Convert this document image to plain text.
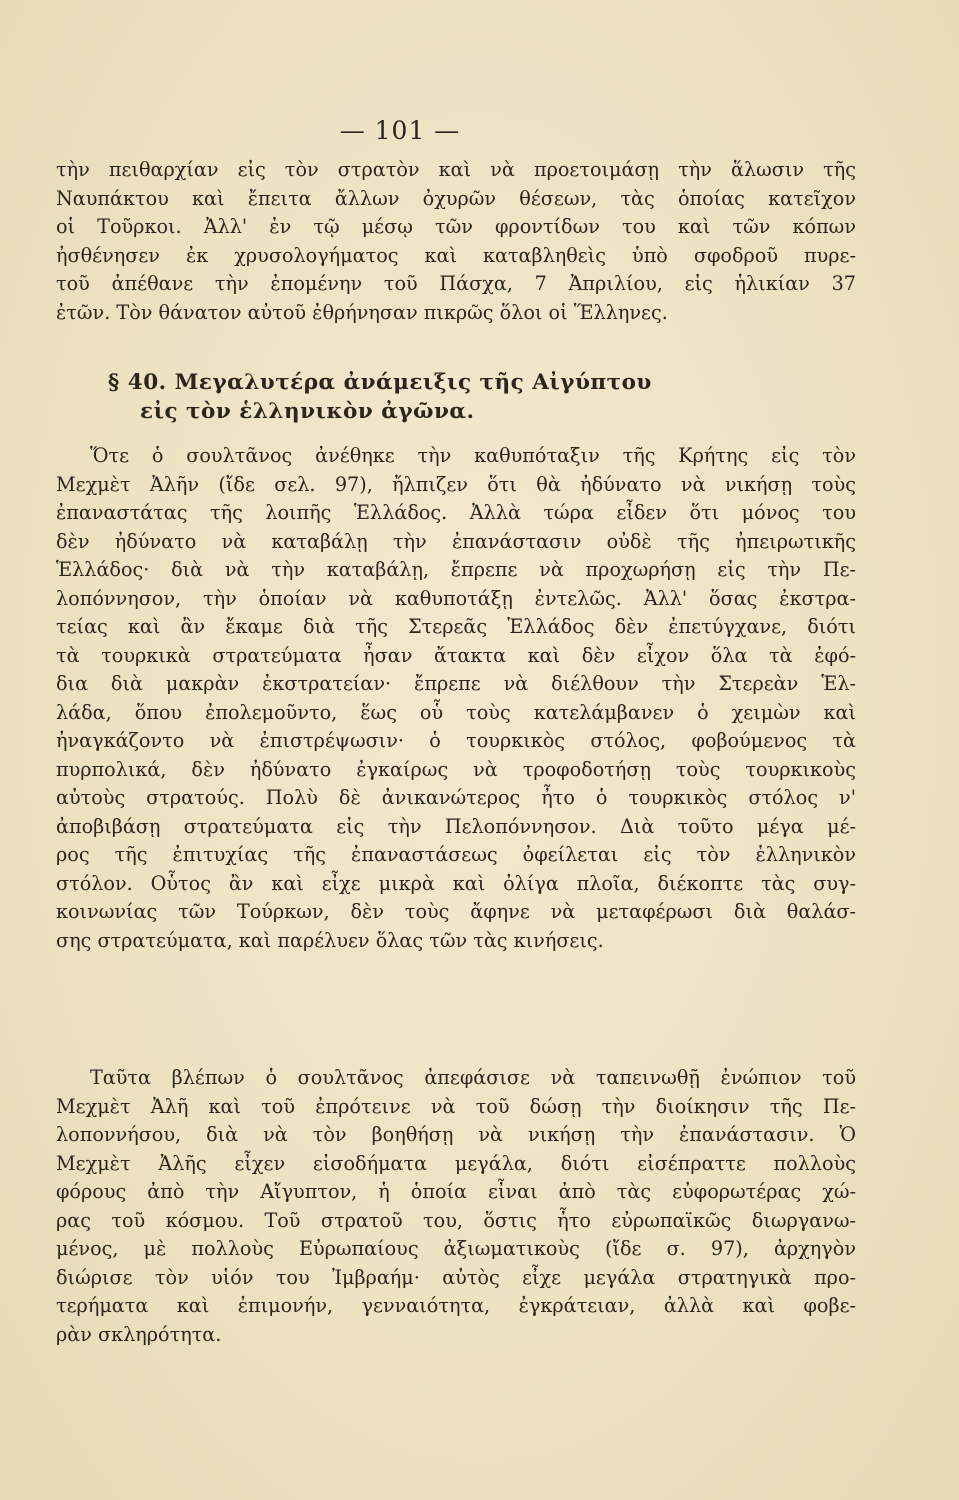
— 101 —
τὴν πειθαρχίαν εἰς τὸν στρατὸν καὶ νὰ προετοιμάσῃ τὴν ἅλωσιν τῆς
Ναυπάκτου καὶ ἔπειτα ἄλλων ὀχυρῶν θέσεων, τὰς ὁποίας κατεῖχον
οἱ Τοῦρκοι. Ἀλλ' ἐν τῷ μέσῳ τῶν φροντίδων του καὶ τῶν κόπων
ἠσθένησεν ἐκ χρυσολογήματος καὶ καταβληθεὶς ὑπὸ σφοδροῦ πυρε-
τοῦ ἀπέθανε τὴν ἐπομένην τοῦ Πάσχα, 7 Ἀπριλίου, εἰς ἡλικίαν 37
ἐτῶν. Τὸν θάνατον αὐτοῦ ἐθρήνησαν πικρῶς ὅλοι οἱ Ἕλληνες.
§ 40. Μεγαλυτέρα ἀνάμειξις τῆς Αἰγύπτου
εἰς τὸν ἑλληνικὸν ἀγῶνα.
Ὅτε ὁ σουλτᾶνος ἀνέθηκε τὴν καθυπόταξιν τῆς Κρήτης εἰς τὸν
Μεχμὲτ Ἀλῆν (ἴδε σελ. 97), ἤλπιζεν ὅτι θὰ ἠδύνατο νὰ νικήσῃ τοὺς
ἐπαναστάτας τῆς λοιπῆς Ἑλλάδος. Ἀλλὰ τώρα εἶδεν ὅτι μόνος του
δὲν ἠδύνατο νὰ καταβάλῃ τὴν ἐπανάστασιν οὐδὲ τῆς ἠπειρωτικῆς
Ἑλλάδος· διὰ νὰ τὴν καταβάλῃ, ἔπρεπε νὰ προχωρήσῃ εἰς τὴν Πε-
λοπόννησον, τὴν ὁποίαν νὰ καθυποτάξῃ ἐντελῶς. Ἀλλ' ὅσας ἐκστρα-
τείας καὶ ἂν ἔκαμε διὰ τῆς Στερεᾶς Ἑλλάδος δὲν ἐπετύγχανε, διότι
τὰ τουρκικὰ στρατεύματα ἦσαν ἄτακτα καὶ δὲν εἶχον ὅλα τὰ ἐφό-
δια διὰ μακρὰν ἐκστρατείαν· ἔπρεπε νὰ διέλθουν τὴν Στερεὰν Ἑλ-
λάδα, ὅπου ἐπολεμοῦντο, ἕως οὗ τοὺς κατελάμβανεν ὁ χειμὼν καὶ
ἠναγκάζοντο νὰ ἐπιστρέψωσιν· ὁ τουρκικὸς στόλος, φοβούμενος τὰ
πυρπολικά, δὲν ἠδύνατο ἐγκαίρως νὰ τροφοδοτήσῃ τοὺς τουρκικοὺς
αὐτοὺς στρατούς. Πολὺ δὲ ἀνικανώτερος ἦτο ὁ τουρκικὸς στόλος ν'
ἀποβιβάσῃ στρατεύματα εἰς τὴν Πελοπόννησον. Διὰ τοῦτο μέγα μέ-
ρος τῆς ἐπιτυχίας τῆς ἐπαναστάσεως ὀφείλεται εἰς τὸν ἑλληνικὸν
στόλον. Οὗτος ἂν καὶ εἶχε μικρὰ καὶ ὀλίγα πλοῖα, διέκοπτε τὰς συγ-
κοινωνίας τῶν Τούρκων, δὲν τοὺς ἄφηνε νὰ μεταφέρωσι διὰ θαλάσ-
σης στρατεύματα, καὶ παρέλυεν ὅλας τῶν τὰς κινήσεις.
Ταῦτα βλέπων ὁ σουλτᾶνος ἀπεφάσισε νὰ ταπεινωθῇ ἐνώπιον τοῦ
Μεχμὲτ Ἀλῆ καὶ τοῦ ἐπρότεινε νὰ τοῦ δώσῃ τὴν διοίκησιν τῆς Πε-
λοποννήσου, διὰ νὰ τὸν βοηθήσῃ νὰ νικήσῃ τὴν ἐπανάστασιν. Ὁ
Μεχμὲτ Ἀλῆς εἶχεν εἰσοδήματα μεγάλα, διότι εἰσέπραττε πολλοὺς
φόρους ἀπὸ τὴν Αἴγυπτον, ἡ ὁποία εἶναι ἀπὸ τὰς εὐφορωτέρας χώ-
ρας τοῦ κόσμου. Τοῦ στρατοῦ του, ὅστις ἦτο εὐρωπαϊκῶς διωργανω-
μένος, μὲ πολλοὺς Εὐρωπαίους ἀξιωματικοὺς (ἴδε σ. 97), ἀρχηγὸν
διώρισε τὸν υἱόν του Ἰμβραήμ· αὐτὸς εἶχε μεγάλα στρατηγικὰ προ-
τερήματα καὶ ἐπιμονήν, γενναιότητα, ἐγκράτειαν, ἀλλὰ καὶ φοβε-
ρὰν σκληρότητα.
